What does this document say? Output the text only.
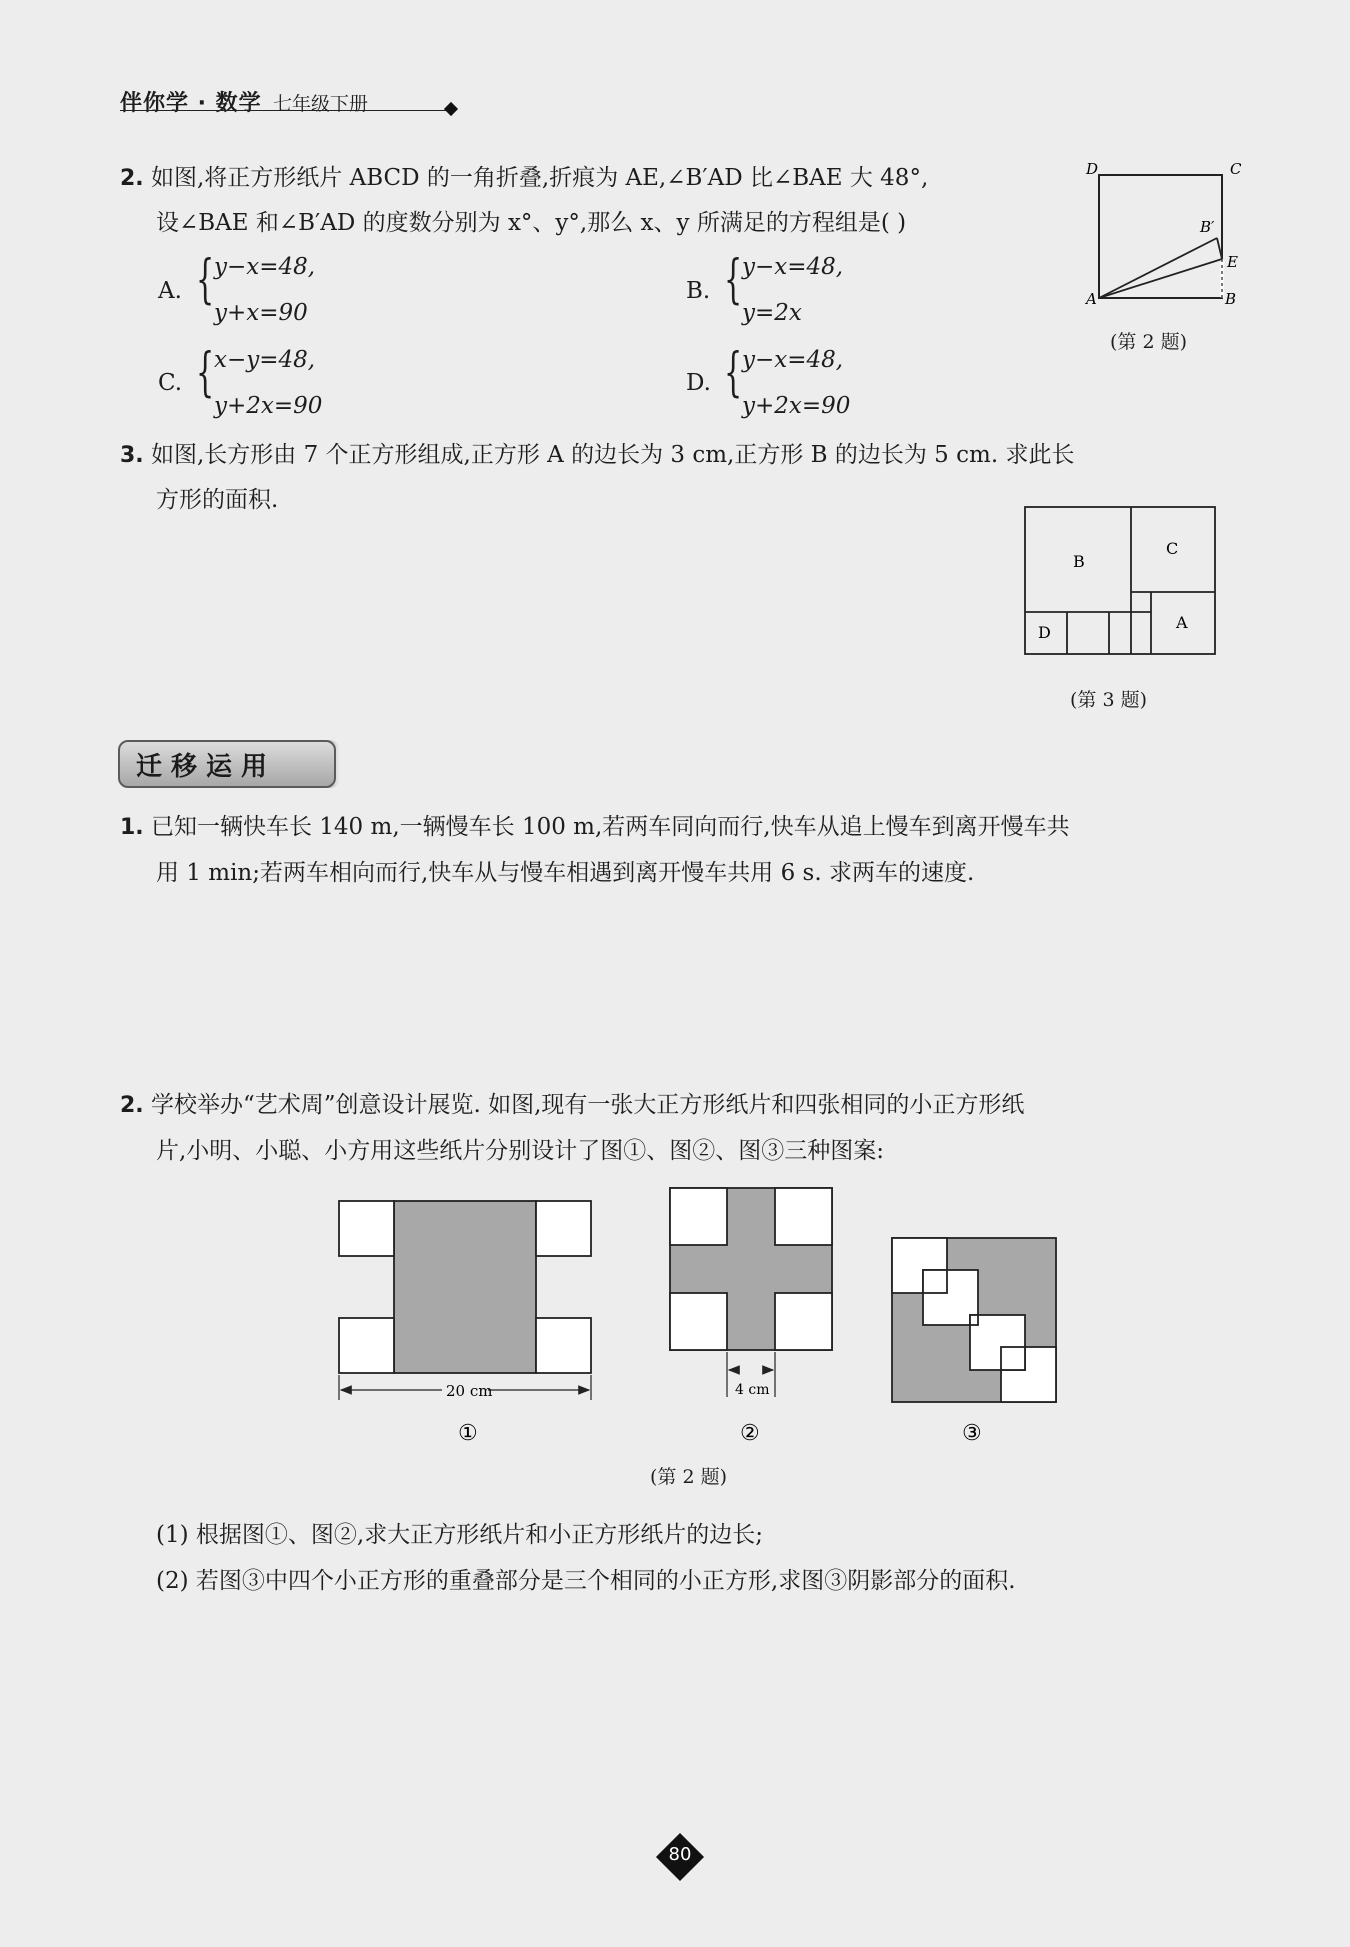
伴你学 · 数学 七年级下册
2. 如图,将正方形纸片 ABCD 的一角折叠,折痕为 AE,∠B′AD 比∠BAE 大 48°,
设∠BAE 和∠B′AD 的度数分别为 x°、y°,那么 x、y 所满足的方程组是( )
A. { y−x=48,
y+x=90
B. { y−x=48,
y=2x
C. { x−y=48,
y+2x=90
D. { y−x=48,
y+2x=90
D	C
B′
E
A	B
(第 2 题)
3. 如图,长方形由 7 个正方形组成,正方形 A 的边长为 3 cm,正方形 B 的边长为 5 cm. 求此长
方形的面积.
B
C
A
D
(第 3 题)
迁移运用
1. 已知一辆快车长 140 m,一辆慢车长 100 m,若两车同向而行,快车从追上慢车到离开慢车共
用 1 min;若两车相向而行,快车从与慢车相遇到离开慢车共用 6 s. 求两车的速度.
2. 学校举办“艺术周”创意设计展览. 如图,现有一张大正方形纸片和四张相同的小正方形纸
片,小明、小聪、小方用这些纸片分别设计了图①、图②、图③三种图案:
20 cm
①
4 cm
②	③
(第 2 题)
(1) 根据图①、图②,求大正方形纸片和小正方形纸片的边长;
(2) 若图③中四个小正方形的重叠部分是三个相同的小正方形,求图③阴影部分的面积.
80
